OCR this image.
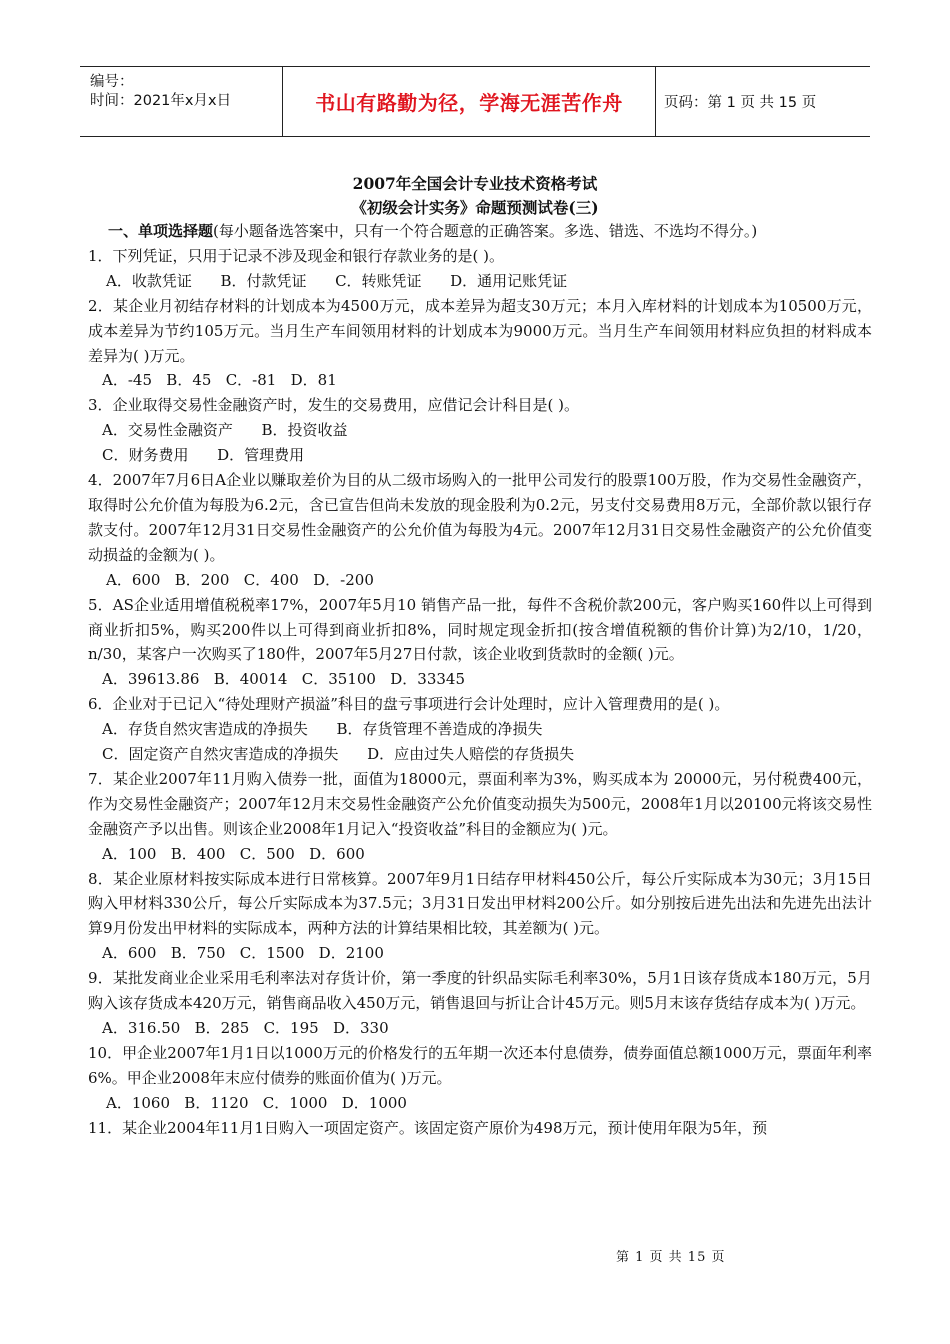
编号：
时间：2021年x月x日	书山有路勤为径，学海无涯苦作舟	页码：第 1 页 共 15 页
2007年全国会计专业技术资格考试
《初级会计实务》命题预测试卷(三)

一、单项选择题(每小题备选答案中，只有一个符合题意的正确答案。多选、错选、不选均不得分。)

1．下列凭证，只用于记录不涉及现金和银行存款业务的是( )。

A．收款凭证      B．付款凭证      C．转账凭证      D．通用记账凭证

2．某企业月初结存材料的计划成本为4500万元，成本差异为超支30万元；本月入库材料的计划成本为10500万元，成本差异为节约105万元。当月生产车间领用材料的计划成本为9000万元。当月生产车间领用材料应负担的材料成本差异为( )万元。

A．-45   B．45   C．-81   D．81

3．企业取得交易性金融资产时，发生的交易费用，应借记会计科目是( )。

A．交易性金融资产      B．投资收益

C．财务费用      D．管理费用

4．2007年7月6日A企业以赚取差价为目的从二级市场购入的一批甲公司发行的股票100万股，作为交易性金融资产，取得时公允价值为每股为6.2元，含已宣告但尚未发放的现金股利为0.2元，另支付交易费用8万元，全部价款以银行存款支付。2007年12月31日交易性金融资产的公允价值为每股为4元。2007年12月31日交易性金融资产的公允价值变动损益的金额为( )。

A．600   B．200   C．400   D．-200

5．AS企业适用增值税税率17%，2007年5月10 销售产品一批，每件不含税价款200元，客户购买160件以上可得到商业折扣5%，购买200件以上可得到商业折扣8%，同时规定现金折扣(按含增值税额的售价计算)为2/10，1/20，n/30，某客户一次购买了180件，2007年5月27日付款，该企业收到货款时的金额( )元。

A．39613.86   B．40014   C．35100   D．33345

6．企业对于已记入“待处理财产损溢”科目的盘亏事项进行会计处理时，应计入管理费用的是( )。

A．存货自然灾害造成的净损失      B．存货管理不善造成的净损失

C．固定资产自然灾害造成的净损失      D．应由过失人赔偿的存货损失

7．某企业2007年11月购入债券一批，面值为18000元，票面利率为3%，购买成本为 20000元，另付税费400元，作为交易性金融资产；2007年12月末交易性金融资产公允价值变动损失为500元，2008年1月以20100元将该交易性金融资产予以出售。则该企业2008年1月记入“投资收益”科目的金额应为( )元。

A．100   B．400   C．500   D．600

8．某企业原材料按实际成本进行日常核算。2007年9月1日结存甲材料450公斤，每公斤实际成本为30元；3月15日购入甲材料330公斤，每公斤实际成本为37.5元；3月31日发出甲材料200公斤。如分别按后进先出法和先进先出法计算9月份发出甲材料的实际成本，两种方法的计算结果相比较，其差额为( )元。

A．600   B．750   C．1500   D．2100

9．某批发商业企业采用毛利率法对存货计价，第一季度的针织品实际毛利率30%，5月1日该存货成本180万元，5月购入该存货成本420万元，销售商品收入450万元，销售退回与折让合计45万元。则5月末该存货结存成本为( )万元。

A．316.50   B．285   C．195   D．330

10．甲企业2007年1月1日以1000万元的价格发行的五年期一次还本付息债券，债券面值总额1000万元，票面年利率6%。甲企业2008年末应付债券的账面价值为( )万元。

A．1060   B．1120   C．1000   D．1000

11．某企业2004年11月1日购入一项固定资产。该固定资产原价为498万元，预计使用年限为5年，预

第 1 页 共 15 页
